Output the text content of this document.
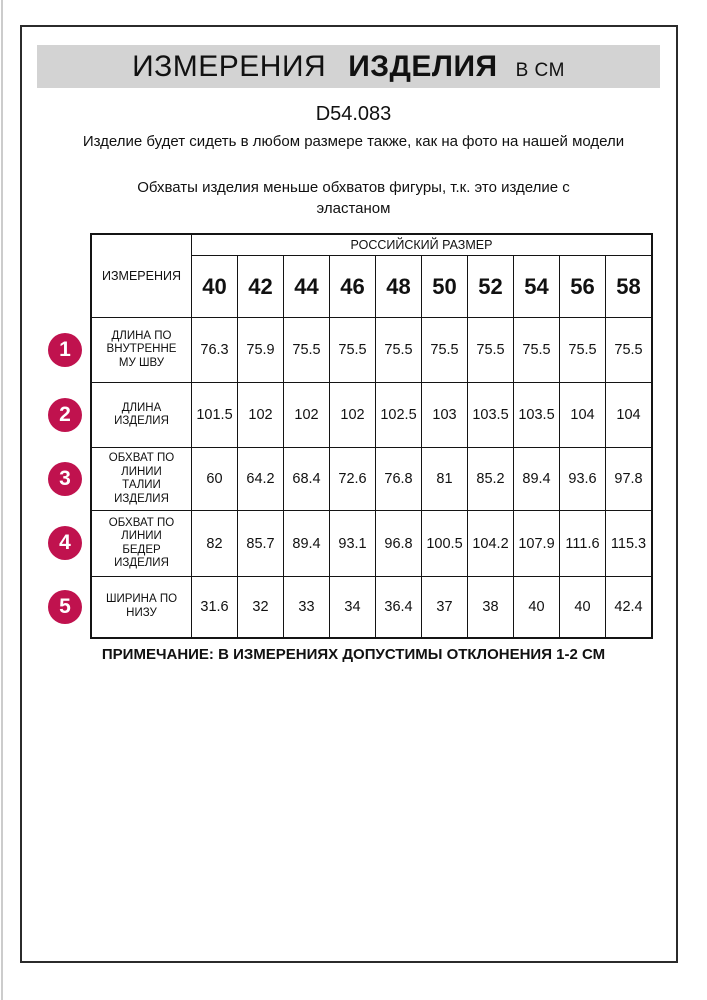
ИЗМЕРЕНИЯ ИЗДЕЛИЯ В СМ
D54.083
Изделие будет сидеть в любом размере также, как на фото на нашей модели
Обхваты изделия меньше обхватов фигуры, т.к. это изделие с эластаном
1
2
3
4
5
ИЗМЕРЕНИЯ	РОССИЙСКИЙ РАЗМЕР									
	40	42	44	46	48	50	52	54	56	58
ДЛИНА ПО ВНУТРЕННЕ МУ ШВУ	76.3	75.9	75.5	75.5	75.5	75.5	75.5	75.5	75.5	75.5
ДЛИНА ИЗДЕЛИЯ	101.5	102	102	102	102.5	103	103.5	103.5	104	104
ОБХВАТ ПО ЛИНИИ ТАЛИИ ИЗДЕЛИЯ	60	64.2	68.4	72.6	76.8	81	85.2	89.4	93.6	97.8
ОБХВАТ ПО ЛИНИИ БЕДЕР ИЗДЕЛИЯ	82	85.7	89.4	93.1	96.8	100.5	104.2	107.9	111.6	115.3
ШИРИНА ПО НИЗУ	31.6	32	33	34	36.4	37	38	40	40	42.4
ПРИМЕЧАНИЕ: В ИЗМЕРЕНИЯХ ДОПУСТИМЫ ОТКЛОНЕНИЯ 1-2 СМ
